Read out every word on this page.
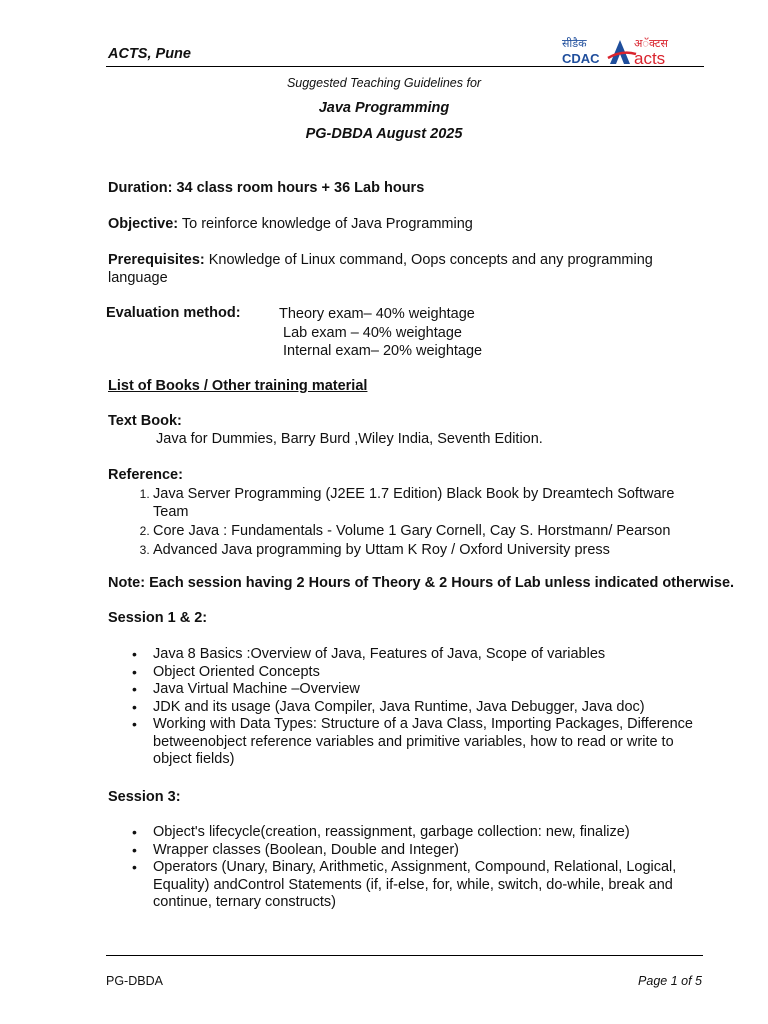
ACTS, Pune
सीडैक
CDAC
अॅक्टस
acts
Suggested Teaching Guidelines for
Java Programming
PG-DBDA August 2025
Duration: 34 class room hours + 36 Lab hours
Objective: To reinforce knowledge of Java Programming
Prerequisites: Knowledge of Linux command, Oops concepts and any programming language
Evaluation method:	Theory exam– 40% weightage
Lab exam – 40% weightage
Internal exam– 20% weightage
List of Books / Other training material
Text Book:
Java for Dummies, Barry Burd ,Wiley India, Seventh Edition.
Reference:
1. Java Server Programming (J2EE 1.7 Edition) Black Book by Dreamtech Software Team
2. Core Java : Fundamentals - Volume 1 Gary Cornell, Cay S. Horstmann/ Pearson
3. Advanced Java programming by Uttam K Roy / Oxford University press
Note: Each session having 2 Hours of Theory & 2 Hours of Lab unless indicated otherwise.
Session 1 & 2:
• Java 8 Basics :Overview of Java, Features of Java, Scope of variables
• Object Oriented Concepts
• Java Virtual Machine –Overview
• JDK and its usage (Java Compiler, Java Runtime, Java Debugger, Java doc)
• Working with Data Types: Structure of a Java Class, Importing Packages, Difference betweenobject reference variables and primitive variables, how to read or write to object fields)
Session 3:
• Object's lifecycle(creation, reassignment, garbage collection: new, finalize)
• Wrapper classes (Boolean, Double and Integer)
• Operators (Unary, Binary, Arithmetic, Assignment, Compound, Relational, Logical, Equality) andControl Statements (if, if-else, for, while, switch, do-while, break and continue, ternary constructs)
PG-DBDA	Page 1 of 5
